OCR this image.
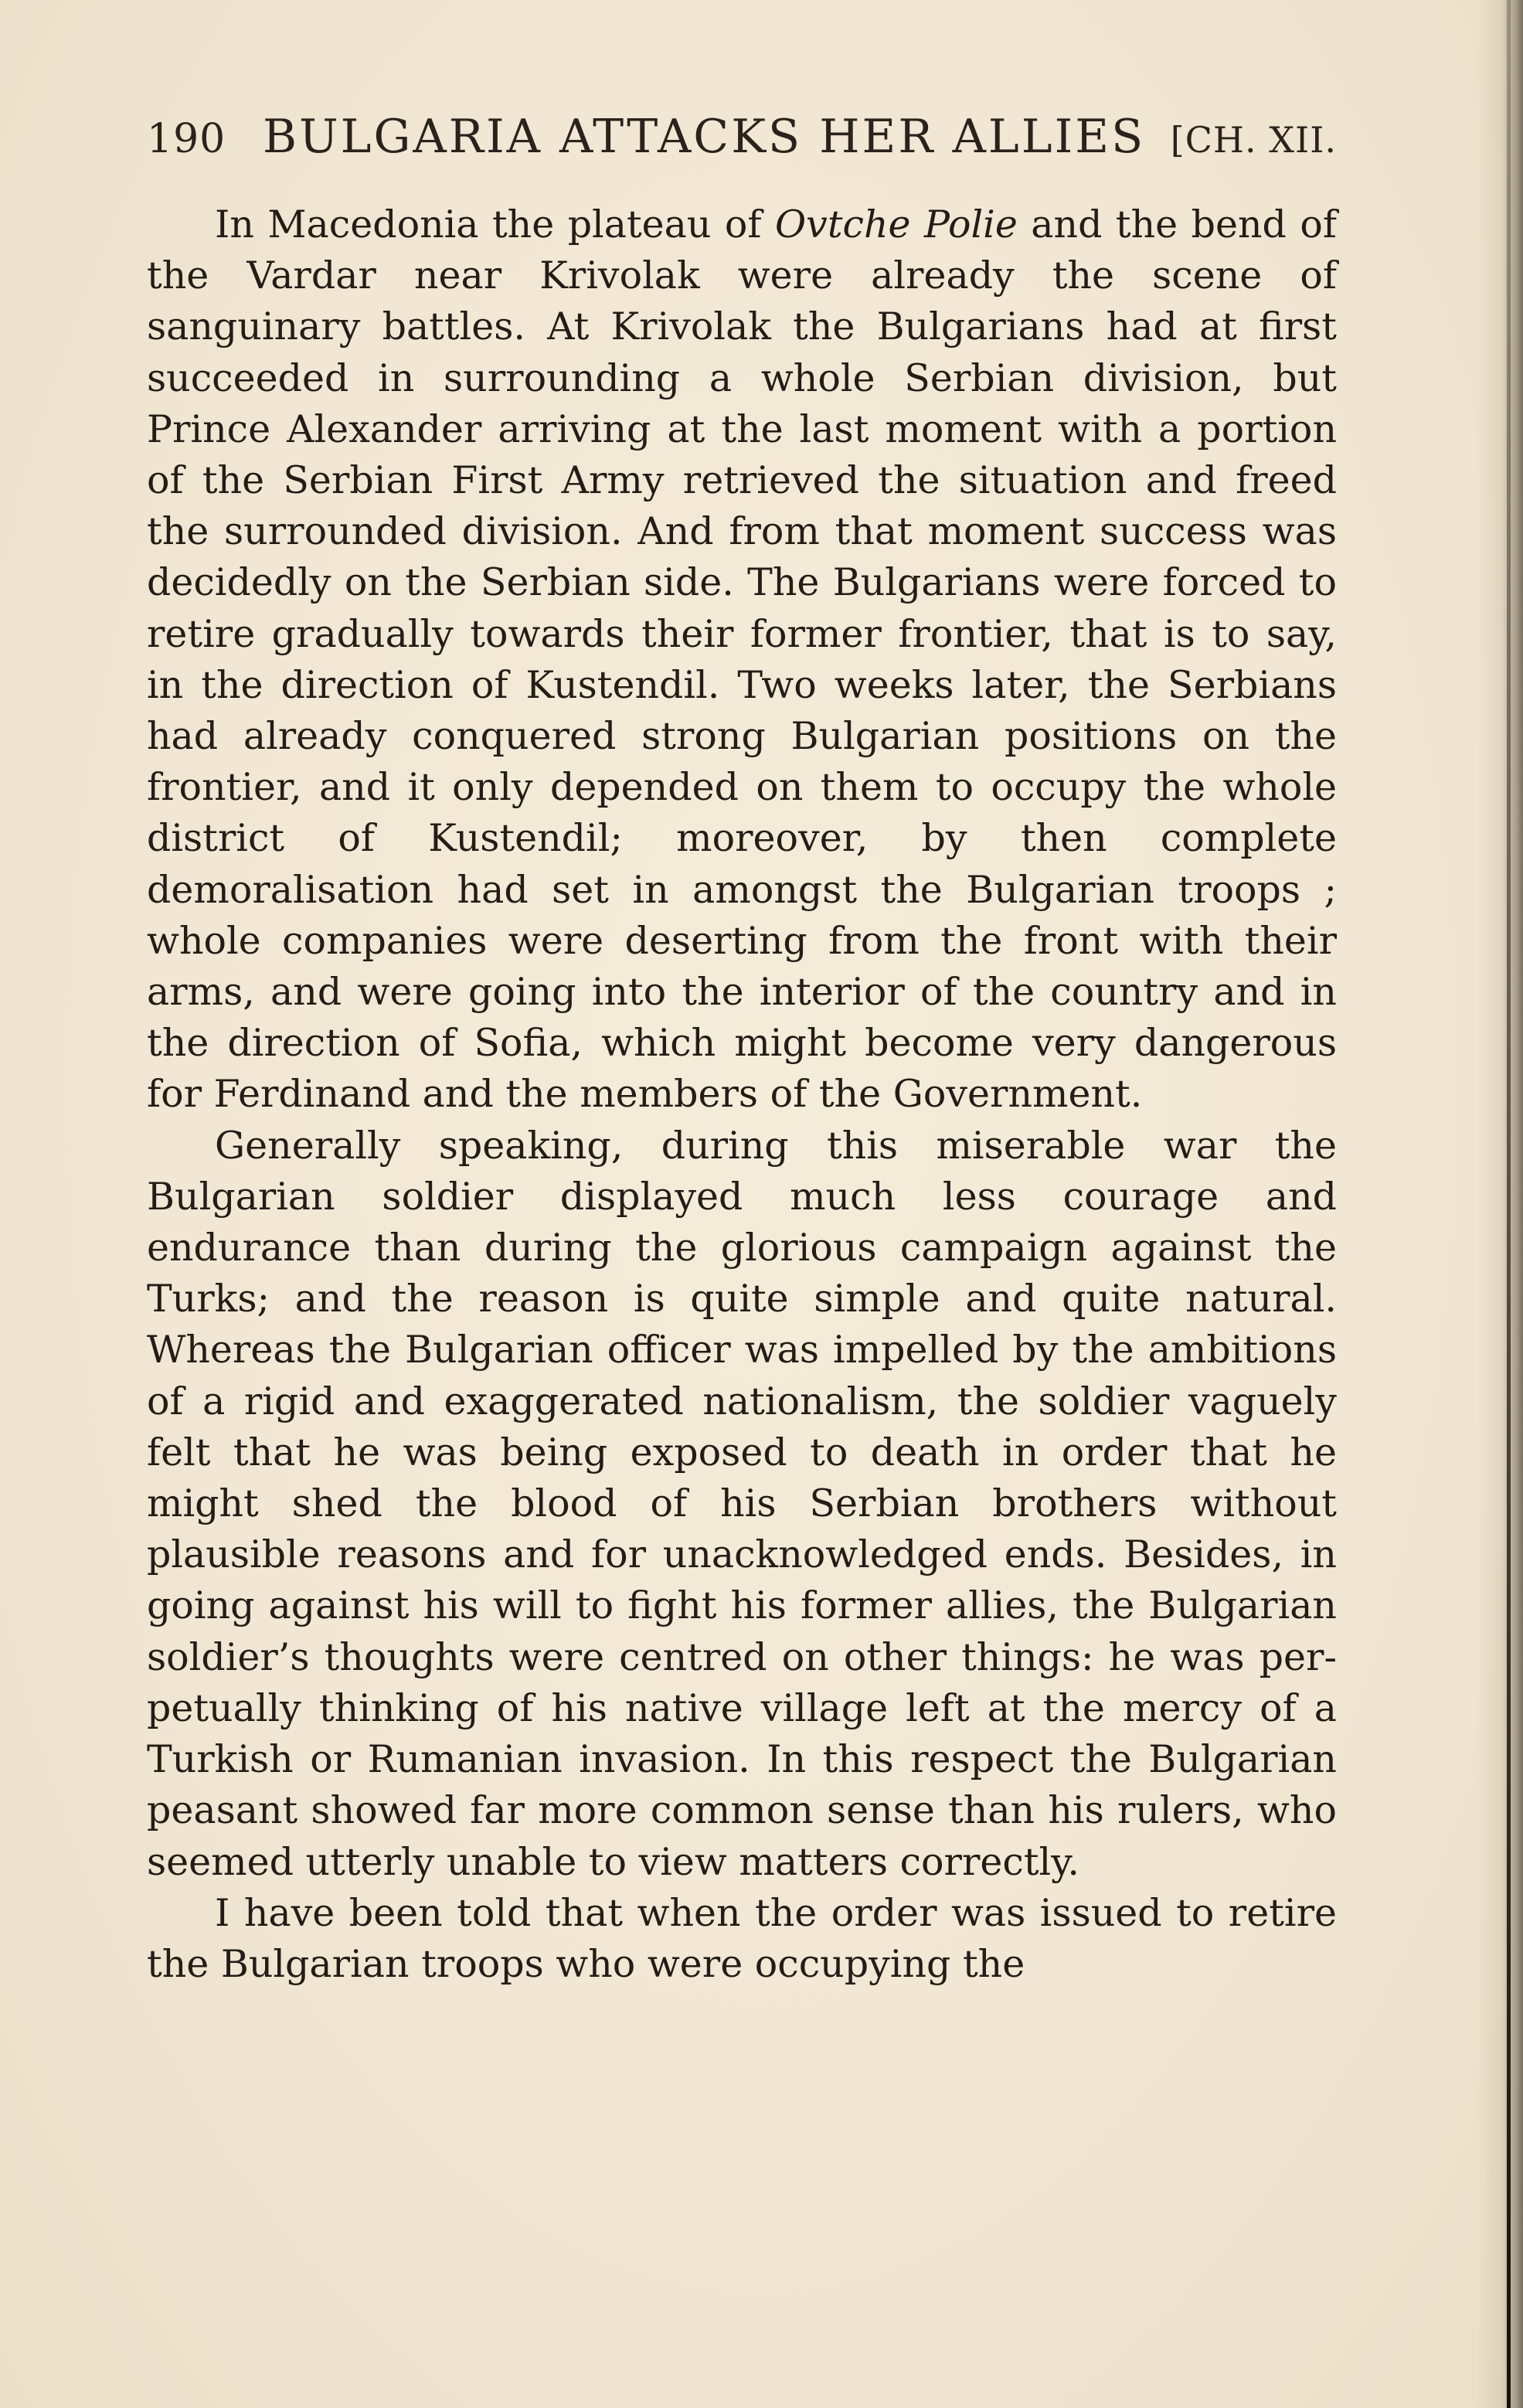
190 BULGARIA ATTACKS HER ALLIES [CH. XII.

In Macedonia the plateau of Ovtche Polie and the bend of the Vardar near Krivolak were already the scene of sanguinary battles. At Krivolak the Bulgarians had at first succeeded in surrounding a whole Serbian division, but Prince Alexander arriving at the last moment with a portion of the Serbian First Army retrieved the situation and freed the surrounded division. And from that moment success was decidedly on the Serbian side. The Bulgarians were forced to retire gradually towards their former frontier, that is to say, in the direction of Kustendil. Two weeks later, the Serbians had already conquered strong Bulgarian positions on the frontier, and it only depended on them to occupy the whole district of Kustendil; moreover, by then complete demoralisation had set in amongst the Bulgarian troops ; whole companies were deserting from the front with their arms, and were going into the interior of the country and in the direction of Sofia, which might become very dangerous for Ferdinand and the members of the Government.

Generally speaking, during this miserable war the Bulgarian soldier displayed much less courage and endurance than during the glorious campaign against the Turks; and the reason is quite simple and quite natural. Whereas the Bulgarian officer was impelled by the ambitions of a rigid and exaggerated nationalism, the soldier vaguely felt that he was being exposed to death in order that he might shed the blood of his Serbian brothers without plausible reasons and for unacknowledged ends. Besides, in going against his will to fight his former allies, the Bulgarian soldier’s thoughts were centred on other things: he was perpetually thinking of his native village left at the mercy of a Turkish or Rumanian invasion. In this respect the Bulgarian peasant showed far more common sense than his rulers, who seemed utterly unable to view matters correctly.

I have been told that when the order was issued to retire the Bulgarian troops who were occupying the
